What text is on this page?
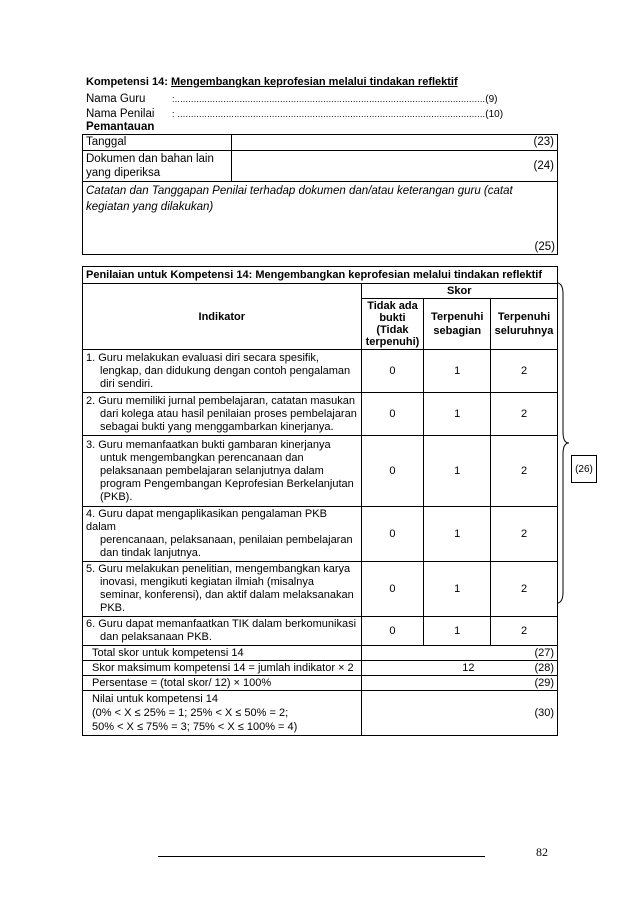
Kompetensi 14: Mengembangkan keprofesian melalui tindakan reflektif
Nama Guru	:...................................................................................................................(9)
Nama Penilai : ..................................................................................................................(10)
Pemantauan
Tanggal	(23)
Dokumen dan bahan lain yang diperiksa	(24)

Catatan dan Tanggapan Penilai terhadap dokumen dan/atau keterangan guru (catat kegiatan yang dilakukan)
(25)	
Penilaian untuk Kompetensi 14: Mengembangkan keprofesian melalui tindakan reflektif			
Indikator	Skor		
	Tidak ada bukti (Tidak terpenuhi)	Terpenuhi sebagian	Terpenuhi seluruhnya
1. Guru melakukan evaluasi diri secara spesifik,
lengkap, dan didukung dengan contoh pengalaman diri sendiri.	0	1	2
2. Guru memiliki jurnal pembelajaran, catatan masukan
dari kolega atau hasil penilaian proses pembelajaran sebagai bukti yang menggambarkan kinerjanya.	0	1	2
3. Guru memanfaatkan bukti gambaran kinerjanya
untuk mengembangkan perencanaan dan pelaksanaan pembelajaran selanjutnya dalam program Pengembangan Keprofesian Berkelanjutan (PKB).	0	1	2
4. Guru dapat mengaplikasikan pengalaman PKB dalam
perencanaan, pelaksanaan, penilaian pembelajaran dan tindak lanjutnya.	0	1	2
5. Guru melakukan penelitian, mengembangkan karya
inovasi, mengikuti kegiatan ilmiah (misalnya seminar, konferensi), dan aktif dalam melaksanakan PKB.	0	1	2
6. Guru dapat memanfaatkan TIK dalam berkomunikasi
dan pelaksanaan PKB.	0	1	2
Total skor untuk kompetensi 14	(27)		
Skor maksimum kompetensi 14 = jumlah indikator × 2	12 (28)		

Persentase = (total skor/ 12) × 100%	(29)		

Nilai untuk kompetensi 14
(0% < X ≤ 25% = 1; 25% < X ≤ 50% = 2;
50% < X ≤ 75% = 3; 75% < X ≤ 100% = 4)	(30)		
(26)
82
